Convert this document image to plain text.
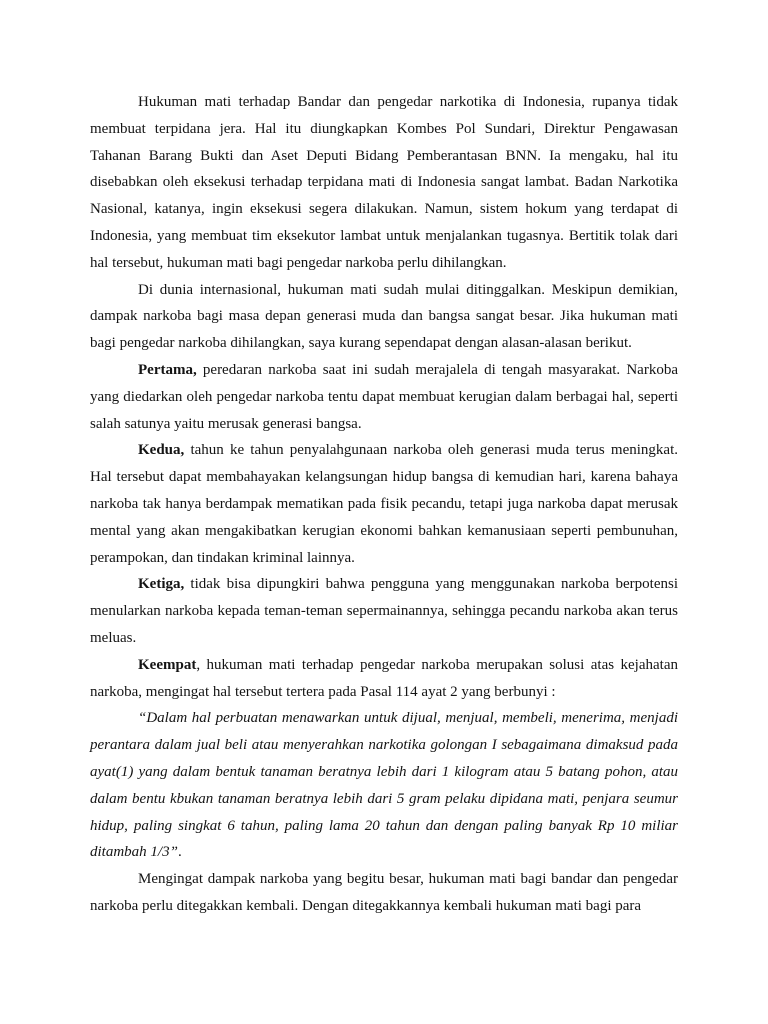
Hukuman mati terhadap Bandar dan pengedar narkotika di Indonesia, rupanya tidak membuat terpidana jera. Hal itu diungkapkan Kombes Pol Sundari, Direktur Pengawasan Tahanan Barang Bukti dan Aset Deputi Bidang Pemberantasan BNN. Ia mengaku, hal itu disebabkan oleh eksekusi terhadap terpidana mati di Indonesia sangat lambat. Badan Narkotika Nasional, katanya, ingin eksekusi segera dilakukan. Namun, sistem hokum yang terdapat di Indonesia, yang membuat tim eksekutor lambat untuk menjalankan tugasnya. Bertitik tolak dari hal tersebut, hukuman mati bagi pengedar narkoba perlu dihilangkan.

Di dunia internasional, hukuman mati sudah mulai ditinggalkan. Meskipun demikian, dampak narkoba bagi masa depan generasi muda dan bangsa sangat besar. Jika hukuman mati bagi pengedar narkoba dihilangkan, saya kurang sependapat dengan alasan-alasan berikut.

Pertama, peredaran narkoba saat ini sudah merajalela di tengah masyarakat. Narkoba yang diedarkan oleh pengedar narkoba tentu dapat membuat kerugian dalam berbagai hal, seperti salah satunya yaitu merusak generasi bangsa.

Kedua, tahun ke tahun penyalahgunaan narkoba oleh generasi muda terus meningkat. Hal tersebut dapat membahayakan kelangsungan hidup bangsa di kemudian hari, karena bahaya narkoba tak hanya berdampak mematikan pada fisik pecandu, tetapi juga narkoba dapat merusak mental yang akan mengakibatkan kerugian ekonomi bahkan kemanusiaan seperti pembunuhan, perampokan, dan tindakan kriminal lainnya.

Ketiga, tidak bisa dipungkiri bahwa pengguna yang menggunakan narkoba berpotensi menularkan narkoba kepada teman-teman sepermainannya, sehingga pecandu narkoba akan terus meluas.

Keempat, hukuman mati terhadap pengedar narkoba merupakan solusi atas kejahatan narkoba, mengingat hal tersebut tertera pada Pasal 114 ayat 2 yang berbunyi :

“Dalam hal perbuatan menawarkan untuk dijual, menjual, membeli, menerima, menjadi perantara dalam jual beli atau menyerahkan narkotika golongan I sebagaimana dimaksud pada ayat(1) yang dalam bentuk tanaman beratnya lebih dari 1 kilogram atau 5 batang pohon, atau dalam bentu kbukan tanaman beratnya lebih dari 5 gram pelaku dipidana mati, penjara seumur hidup, paling singkat 6 tahun, paling lama 20 tahun dan dengan paling banyak Rp 10 miliar ditambah 1/3”.

Mengingat dampak narkoba yang begitu besar, hukuman mati bagi bandar dan pengedar narkoba perlu ditegakkan kembali. Dengan ditegakkannya kembali hukuman mati bagi para
